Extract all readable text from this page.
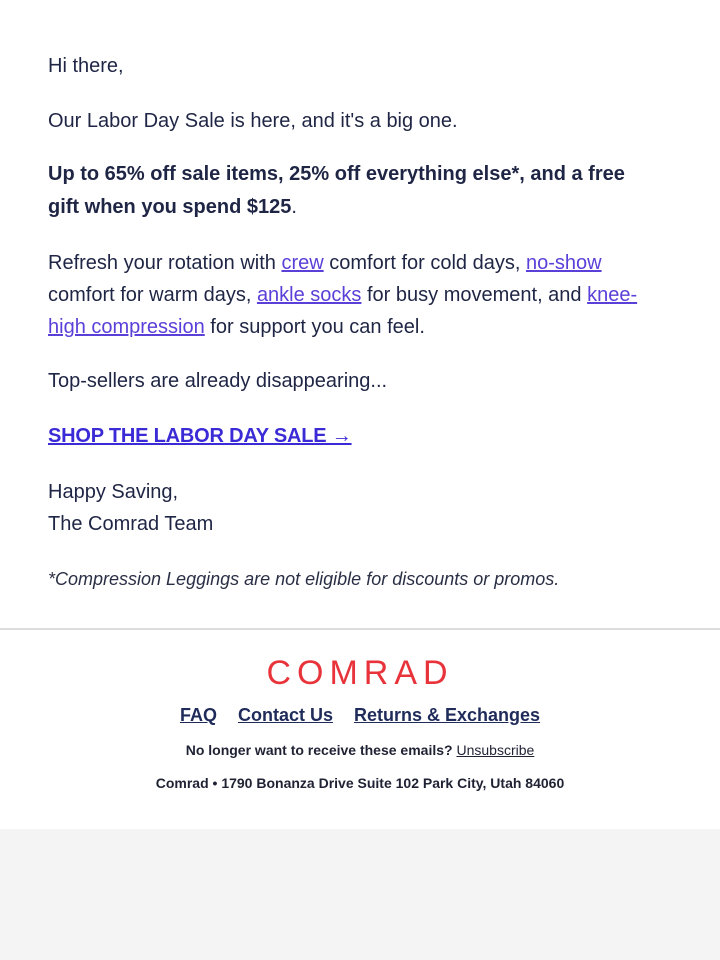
Hi there,

Our Labor Day Sale is here, and it's a big one.

Up to 65% off sale items, 25% off everything else*, and a free gift when you spend $125.

Refresh your rotation with crew comfort for cold days, no-show comfort for warm days, ankle socks for busy movement, and knee-high compression for support you can feel.

Top-sellers are already disappearing...

SHOP THE LABOR DAY SALE →

Happy Saving,
The Comrad Team

*Compression Leggings are not eligible for discounts or promos.

COMRAD
FAQ Contact Us Returns & Exchanges
No longer want to receive these emails? Unsubscribe
Comrad • 1790 Bonanza Drive Suite 102 Park City, Utah 84060
